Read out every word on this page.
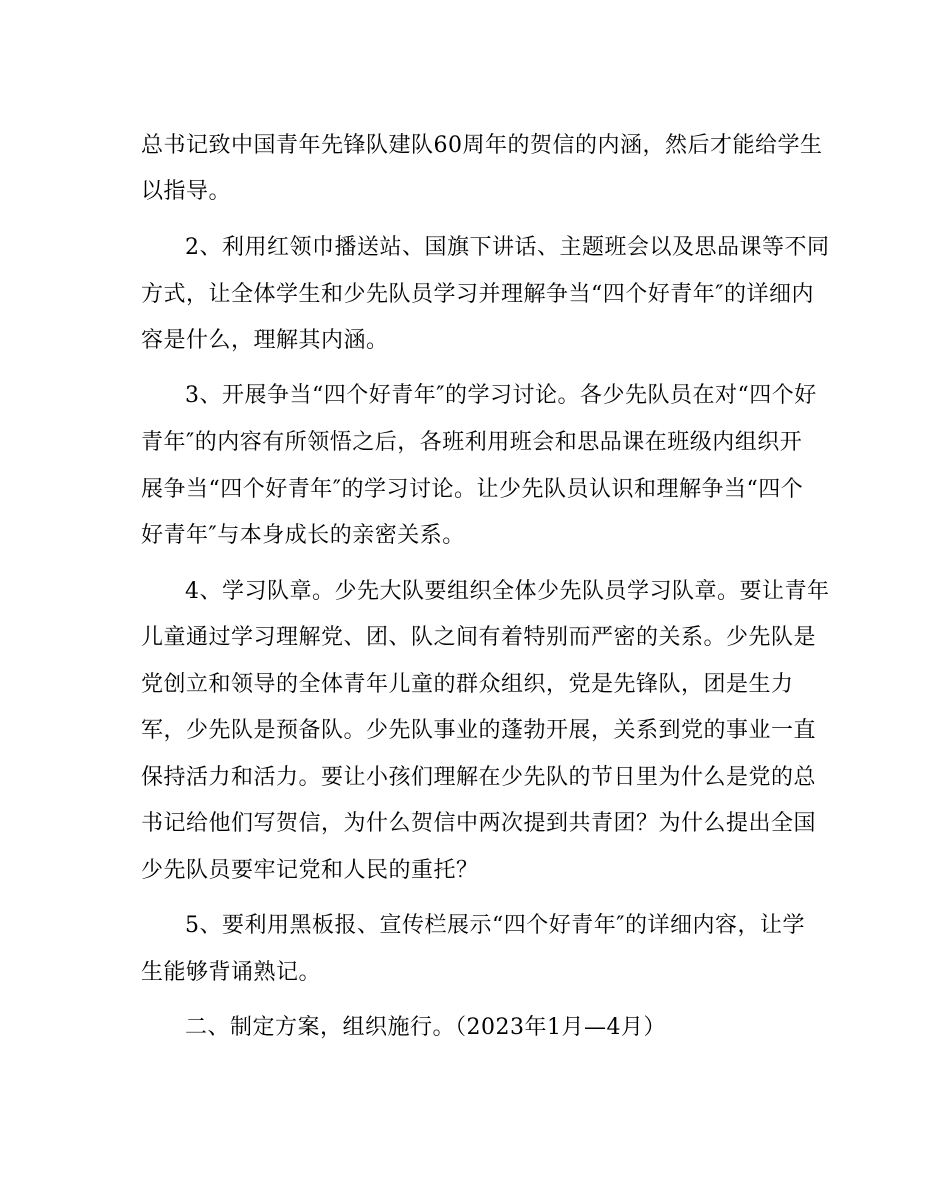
总书记致中国青年先锋队建队60周年的贺信的内涵，然后才能给学生

以指导。

2、利用红领巾播送站、国旗下讲话、主题班会以及思品课等不同

方式，让全体学生和少先队员学习并理解争当“四个好青年″的详细内

容是什么，理解其内涵。

3、开展争当“四个好青年″的学习讨论。各少先队员在对“四个好

青年″的内容有所领悟之后，各班利用班会和思品课在班级内组织开

展争当“四个好青年″的学习讨论。让少先队员认识和理解争当“四个

好青年″与本身成长的亲密关系。

4、学习队章。少先大队要组织全体少先队员学习队章。要让青年

儿童通过学习理解党、团、队之间有着特别而严密的关系。少先队是

党创立和领导的全体青年儿童的群众组织，党是先锋队，团是生力

军，少先队是预备队。少先队事业的蓬勃开展，关系到党的事业一直

保持活力和活力。要让小孩们理解在少先队的节日里为什么是党的总

书记给他们写贺信，为什么贺信中两次提到共青团？为什么提出全国

少先队员要牢记党和人民的重托？

5、要利用黑板报、宣传栏展示“四个好青年″的详细内容，让学

生能够背诵熟记。

二、制定方案，组织施行。（2023年1月—4月）
